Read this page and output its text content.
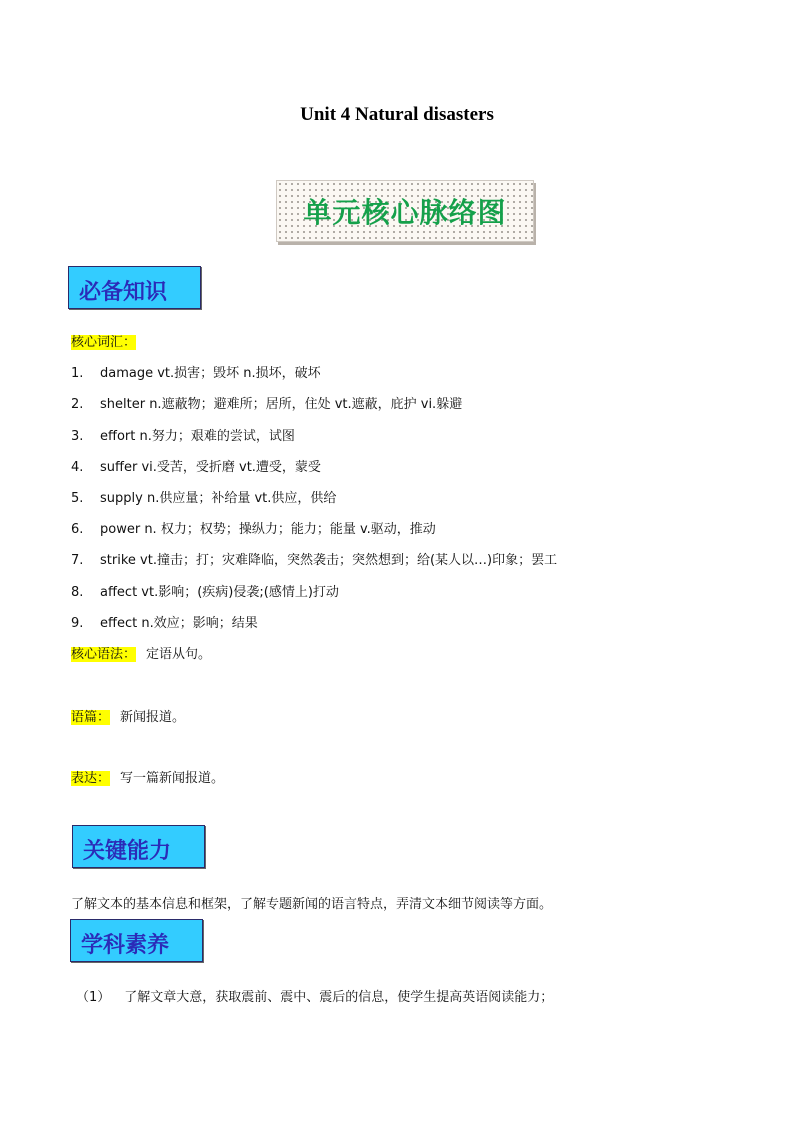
Unit 4 Natural disasters
单元核心脉络图
必备知识
核心词汇：
1. damage vt.损害；毁坏 n.损坏，破坏
2. shelter n.遮蔽物；避难所；居所，住处 vt.遮蔽，庇护 vi.躲避
3. effort n.努力；艰难的尝试，试图
4. suffer vi.受苦，受折磨 vt.遭受，蒙受
5. supply n.供应量；补给量 vt.供应，供给
6. power n. 权力；权势；操纵力；能力；能量 v.驱动，推动
7. strike vt.撞击；打；灾难降临，突然袭击；突然想到；给(某人以…)印象；罢工
8. affect vt.影响；(疾病)侵袭;(感情上)打动
9. effect n.效应；影响；结果
核心语法： 定语从句。
语篇： 新闻报道。
表达： 写一篇新闻报道。
关键能力
了解文本的基本信息和框架，了解专题新闻的语言特点，弄清文本细节阅读等方面。
学科素养
（1） 了解文章大意，获取震前、震中、震后的信息，使学生提高英语阅读能力；
